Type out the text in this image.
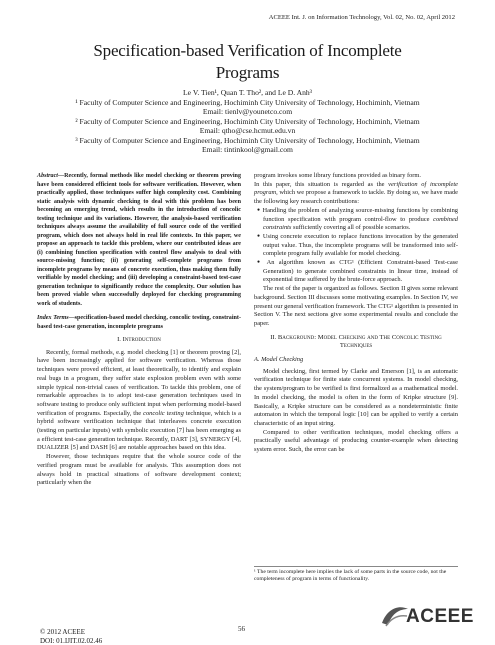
ACEEE Int. J. on Information Technology, Vol. 02, No. 02, April 2012
Specification-based Verification of Incomplete
Programs

Le V. Tien¹, Quan T. Tho², and Le D. Anh³

¹ Faculty of Computer Science and Engineering, Hochiminh City University of Technology, Hochiminh, Vietnam

Email: tienlv@younetco.com

² Faculty of Computer Science and Engineering, Hochiminh City University of Technology, Hochiminh, Vietnam

Email: qtho@cse.hcmut.edu.vn

³ Faculty of Computer Science and Engineering, Hochiminh City University of Technology, Hochiminh, Vietnam

Email: tintinkool@gmail.com

Abstract—Recently, formal methods like model checking or theorem proving have been considered efficient tools for software verification. However, when practically applied, those techniques suffer high complexity cost. Combining static analysis with dynamic checking to deal with this problem has been becoming an emerging trend, which results in the introduction of concolic testing technique and its variations. However, the analysis-based verification techniques always assume the availability of full source code of the verified program, which does not always hold in real life contexts. In this paper, we propose an approach to tackle this problem, where our contributed ideas are (i) combining function specification with control flow analysis to deal with source-missing function; (ii) generating self-complete programs from incomplete programs by means of concrete execution, thus making them fully verifiable by model checking; and (iii) developing a constraint-based test-case generation technique to significantly reduce the complexity. Our solution has been proved viable when successfully deployed for checking programming work of students.

Index Terms—specification-based model checking, concolic testing, constraint-based test-case generation, incomplete programs

I. Introduction

Recently, formal methods, e.g. model checking [1] or theorem proving [2], have been increasingly applied for software verification. Whereas those techniques were proved efficient, at least theoretically, to identify and explain real bugs in a program, they suffer state explosion problem even with some simple typical non-trivial cases of verification. To tackle this problem, one of remarkable approaches is to adopt test-case generation techniques used in software testing to produce only sufficient input when performing model-based verification of programs. Especially, the concolic testing technique, which is a hybrid software verification technique that interleaves concrete execution (testing on particular inputs) with symbolic execution [7] has been emerging as a efficient test-case generation technique. Recently, DART [3], SYNERGY [4], DUALIZER [5] and DASH [6] are notable approaches based on this idea.

However, those techniques require that the whole source code of the verified program must be available for analysis. This assumption does not always hold in practical situations of software development context; particularly when the

program invokes some library functions provided as binary form.

In this paper, this situation is regarded as the verification of incomplete program, which we propose a framework to tackle. By doing so, we have made the following key research contributions:

● Handling the problem of analyzing source-missing functions by combining function specification with program control-flow to produce combined constraints sufficiently covering all of possible scenarios.

● Using concrete execution to replace functions invocation by the generated output value. Thus, the incomplete programs will be transformed into self-complete program fully available for model checking.

● An algorithm known as CTG¹ (Efficient Constraint-based Test-case Generation) to generate combined constraints in linear time, instead of exponential time suffered by the brute-force approach.

The rest of the paper is organized as follows. Section II gives some relevant background. Section III discusses some motivating examples. In Section IV, we present our general verification framework. The CTG¹ algorithm is presented in Section V. The next sections give some experimental results and conclude the paper.

II. Background: Model Checking and The Concolic Testing Techniques
A. Model Checking

Model checking, first termed by Clarke and Emerson [1], is an automatic verification technique for finite state concurrent systems. In model checking, the system/program to be verified is first formalized as a mathematical model. In model checking, the model is often in the form of Kripke structure [9]. Basically, a Kripke structure can be considered as a nondeterministic finite automaton in which the temporal logic [10] can be applied to verify a certain characteristic of an input string.

Compared to other verification techniques, model checking offers a practically useful advantage of producing counter-example when detecting system error. Such, the error can be

¹ The term incomplete here implies the lack of some parts in the source code, not the completeness of program in terms of functionality.
56
© 2012 ACEEE
DOI: 01.IJIT.02.02.46
ACEEE
